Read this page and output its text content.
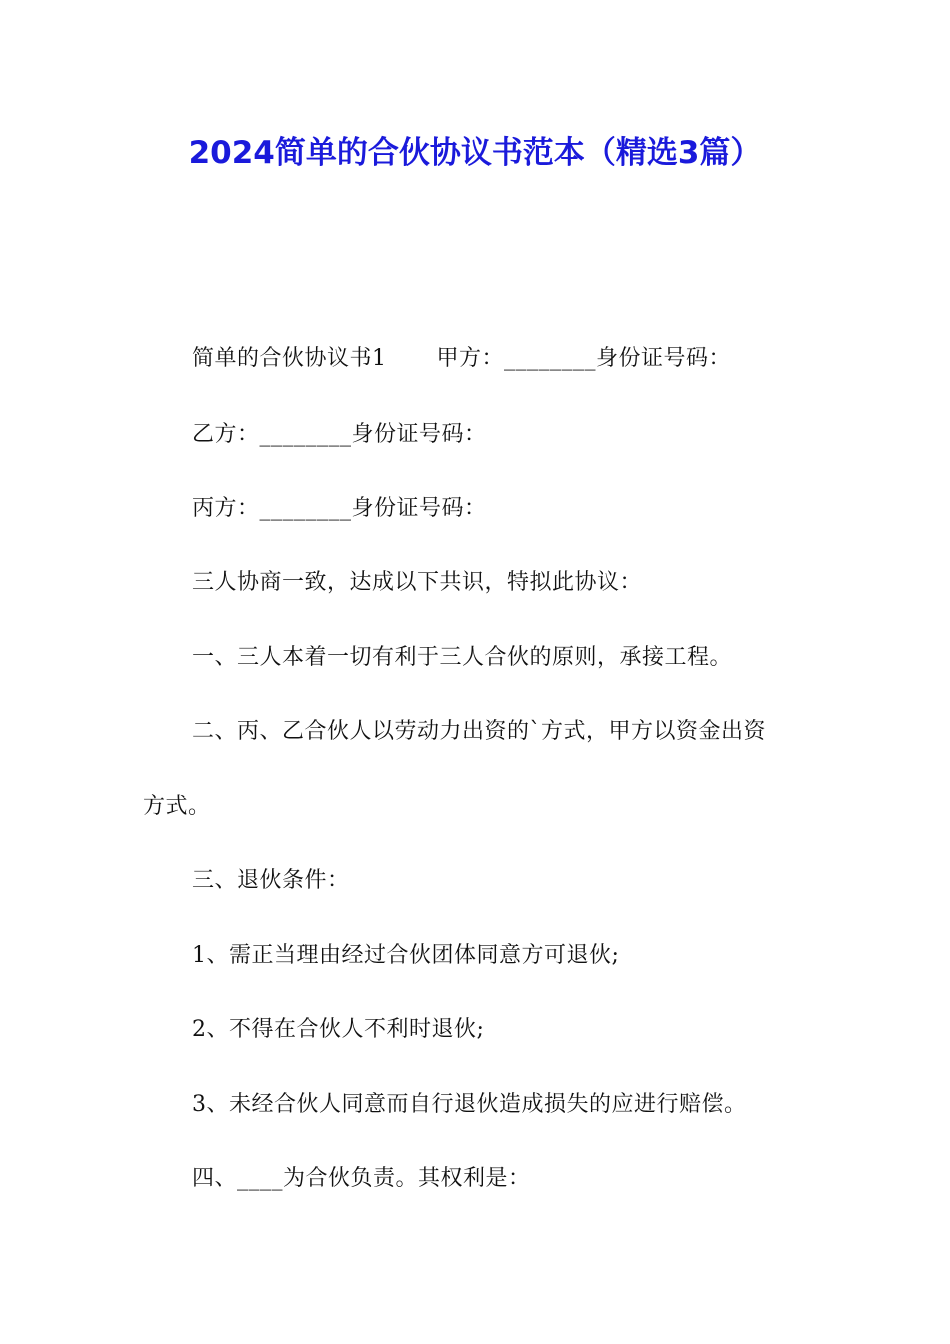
2024简单的合伙协议书范本（精选3篇）
简单的合伙协议书1 甲方：________身份证号码：
乙方：________身份证号码：
丙方：________身份证号码：
三人协商一致，达成以下共识，特拟此协议：
一、三人本着一切有利于三人合伙的原则，承接工程。
二、丙、乙合伙人以劳动力出资的`方式，甲方以资金出资
方式。
三、退伙条件：
1、需正当理由经过合伙团体同意方可退伙;
2、不得在合伙人不利时退伙;
3、未经合伙人同意而自行退伙造成损失的应进行赔偿。
四、____为合伙负责。其权利是：
